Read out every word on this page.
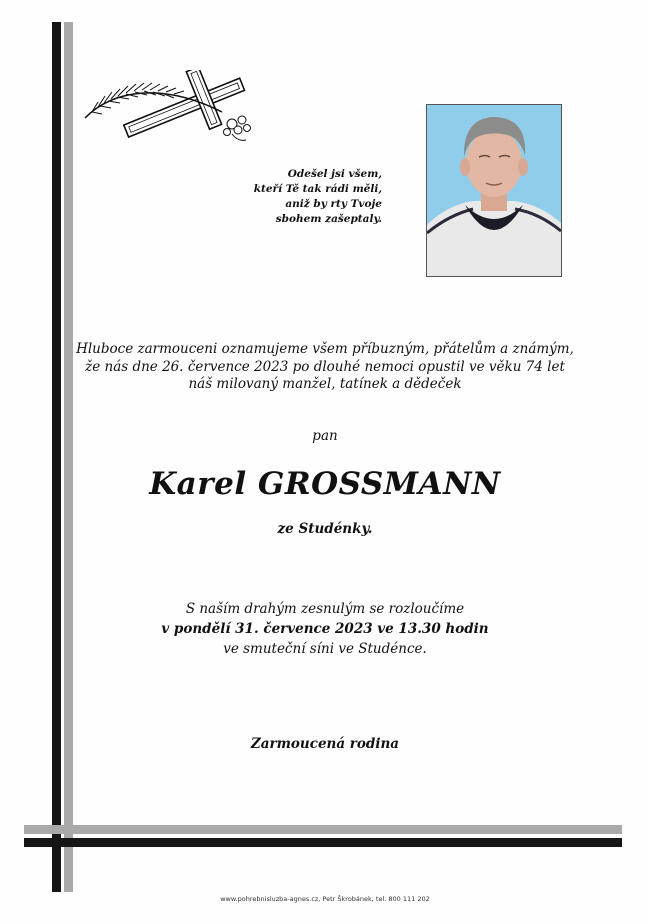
Odešel jsi všem,
kteří Tě tak rádi měli,
aniž by rty Tvoje
sbohem zašeptaly.
Hluboce zarmouceni oznamujeme všem příbuzným, přátelům a známým,
že nás dne 26. července 2023 po dlouhé nemoci opustil ve věku 74 let
náš milovaný manžel, tatínek a dědeček
pan
Karel GROSSMANN
ze Studénky.
S naším drahým zesnulým se rozloučíme
v pondělí 31. července 2023 ve 13.30 hodin
ve smuteční síni ve Studénce.
Zarmoucená rodina
www.pohrebnisluzba-agnes.cz, Petr Škrobánek, tel. 800 111 202
